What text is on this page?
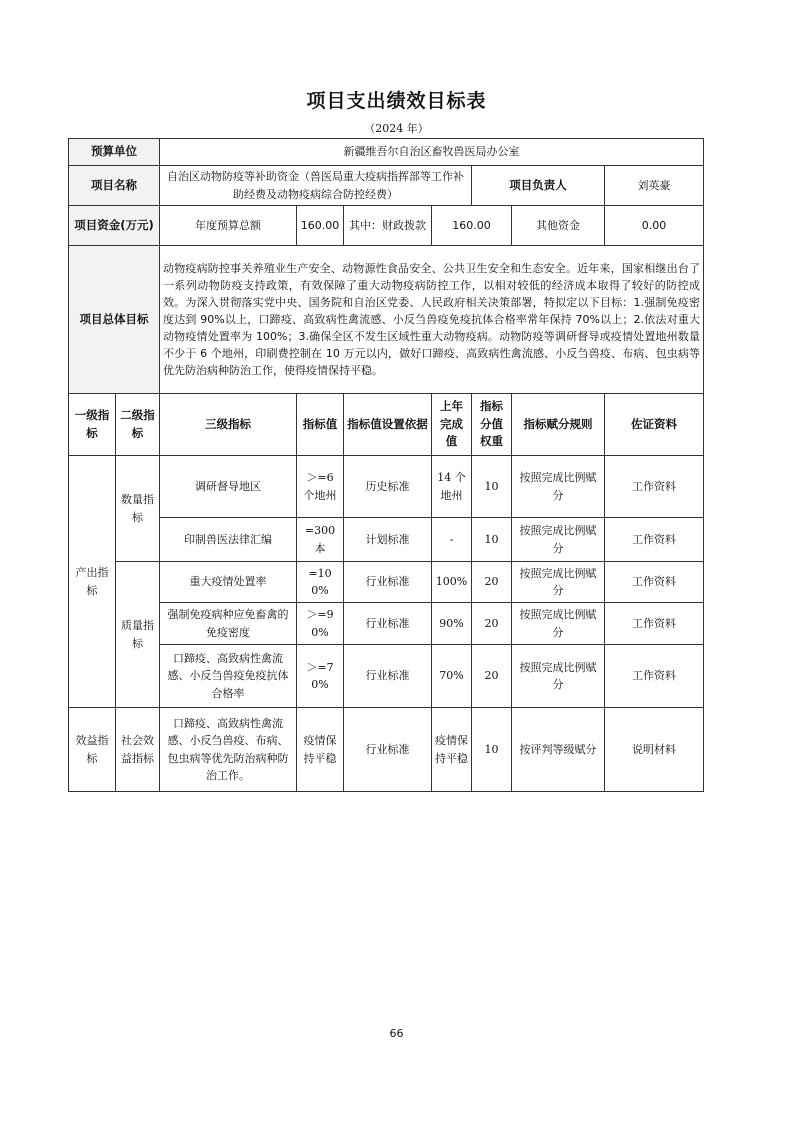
项目支出绩效目标表
（2024 年）
预算单位		新疆维吾尔自治区畜牧兽医局办公室						
项目名称		自治区动物防疫等补助资金（兽医局重大疫病指挥部等工作补助经费及动物疫病综合防控经费）				项目负责人		刘英豪
项目资金(万元)		年度预算总额	160.00	其中：财政拨款	160.00		其他资金	0.00
项目总体目标		动物疫病防控事关养殖业生产安全、动物源性食品安全、公共卫生安全和生态安全。近年来，国家相继出台了一系列动物防疫支持政策，有效保障了重大动物疫病防控工作，以相对较低的经济成本取得了较好的防控成效。为深入贯彻落实党中央、国务院和自治区党委、人民政府相关决策部署，特拟定以下目标：1.强制免疫密度达到 90%以上，口蹄疫、高致病性禽流感、小反刍兽疫免疫抗体合格率常年保持 70%以上；2.依法对重大动物疫情处置率为 100%；3.确保全区不发生区域性重大动物疫病。动物防疫等调研督导或疫情处置地州数量不少于 6 个地州，印刷费控制在 10 万元以内，做好口蹄疫、高致病性禽流感、小反刍兽疫、布病、包虫病等优先防治病种防治工作，使得疫情保持平稳。						
一级指标	二级指标	三级指标	指标值	指标值设置依据	上年完成值	指标分值权重	指标赋分规则	佐证资料
产出指标	数量指标	调研督导地区	＞=6 个地州	历史标准	14 个地州	10	按照完成比例赋分	工作资料
		印制兽医法律汇编	=300 本	计划标准	-	10	按照完成比例赋分	工作资料
	质量指标	重大疫情处置率	=100%	行业标准	100%	20	按照完成比例赋分	工作资料
		强制免疫病种应免畜禽的免疫密度	＞=90%	行业标准	90%	20	按照完成比例赋分	工作资料
		口蹄疫、高致病性禽流感、小反刍兽疫免疫抗体合格率	＞=70%	行业标准	70%	20	按照完成比例赋分	工作资料
效益指标	社会效益指标	口蹄疫、高致病性禽流感、小反刍兽疫、布病、包虫病等优先防治病种防治工作。	疫情保持平稳	行业标准	疫情保持平稳	10	按评判等级赋分	说明材料
66
